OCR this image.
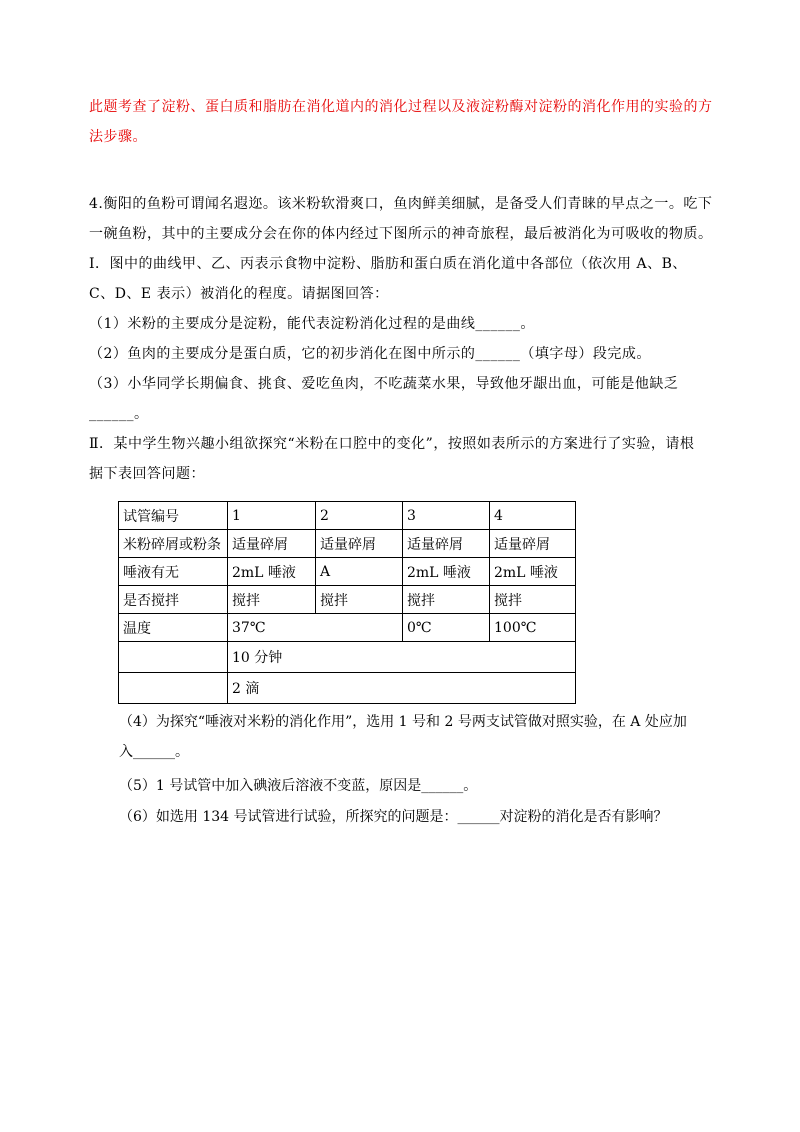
此题考查了淀粉、蛋白质和脂肪在消化道内的消化过程以及液淀粉酶对淀粉的消化作用的实验的方
法步骤。
4.衡阳的鱼粉可谓闻名遐迩。该米粉软滑爽口，鱼肉鲜美细腻，是备受人们青睐的早点之一。吃下
一碗鱼粉，其中的主要成分会在你的体内经过下图所示的神奇旅程，最后被消化为可吸收的物质。
Ⅰ．图中的曲线甲、乙、丙表示食物中淀粉、脂肪和蛋白质在消化道中各部位（依次用 A、B、
C、D、E 表示）被消化的程度。请据图回答：
（1）米粉的主要成分是淀粉，能代表淀粉消化过程的是曲线______。
（2）鱼肉的主要成分是蛋白质，它的初步消化在图中所示的______（填字母）段完成。
（3）小华同学长期偏食、挑食、爱吃鱼肉，不吃蔬菜水果，导致他牙龈出血，可能是他缺乏
______。
Ⅱ．某中学生物兴趣小组欲探究“米粉在口腔中的变化”，按照如表所示的方案进行了实验，请根
据下表回答问题：
试管编号	1	2	3	4
米粉碎屑或粉条	适量碎屑	适量碎屑	适量碎屑	适量碎屑
唾液有无	2mL 唾液	A	2mL 唾液	2mL 唾液
是否搅拌	搅拌	搅拌	搅拌	搅拌
温度	37℃		0℃	100℃
	10 分钟			
	2 滴			
（4）为探究“唾液对米粉的消化作用”，选用 1 号和 2 号两支试管做对照实验，在 A 处应加
入______。
（5）1 号试管中加入碘液后溶液不变蓝，原因是______。
（6）如选用 134 号试管进行试验，所探究的问题是：______对淀粉的消化是否有影响？
